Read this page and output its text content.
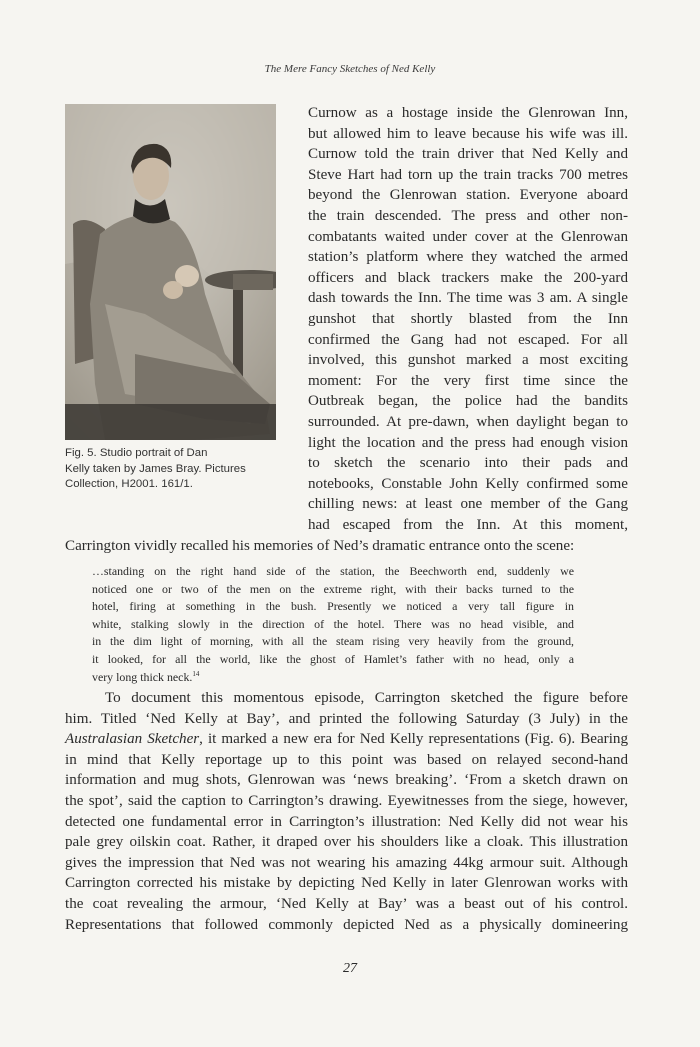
The Mere Fancy Sketches of Ned Kelly
Fig. 5. Studio portrait of Dan
Kelly taken by James Bray. Pictures
Collection, H2001. 161/1.
Curnow as a hostage inside the Glenrowan Inn,
but allowed him to leave because his wife was ill.
Curnow told the train driver that Ned Kelly and
Steve Hart had torn up the train tracks 700 metres
beyond the Glenrowan station. Everyone aboard
the train descended. The press and other non-
combatants waited under cover at the Glenrowan
station’s platform where they watched the armed
officers and black trackers make the 200-yard
dash towards the Inn. The time was 3 am. A single
gunshot that shortly blasted from the Inn
confirmed the Gang had not escaped. For all
involved, this gunshot marked a most exciting
moment: For the very first time since the
Outbreak began, the police had the bandits
surrounded. At pre-dawn, when daylight began to
light the location and the press had enough vision
to sketch the scenario into their pads and
notebooks, Constable John Kelly confirmed some
chilling news: at least one member of the Gang
had escaped from the Inn. At this moment,
Carrington vividly recalled his memories of Ned’s dramatic entrance onto the scene:
…standing on the right hand side of the station, the Beechworth end, suddenly we
noticed one or two of the men on the extreme right, with their backs turned to the
hotel, firing at something in the bush. Presently we noticed a very tall figure in
white, stalking slowly in the direction of the hotel. There was no head visible, and
in the dim light of morning, with all the steam rising very heavily from the ground,
it looked, for all the world, like the ghost of Hamlet’s father with no head, only a
very long thick neck.$^{14}$
To document this momentous episode, Carrington sketched the figure before
him. Titled ‘Ned Kelly at Bay’, and printed the following Saturday (3 July) in the
Australasian Sketcher, it marked a new era for Ned Kelly representations (Fig. 6). Bearing
in mind that Kelly reportage up to this point was based on relayed second-hand
information and mug shots, Glenrowan was ‘news breaking’. ‘From a sketch drawn on
the spot’, said the caption to Carrington’s drawing. Eyewitnesses from the siege, however,
detected one fundamental error in Carrington’s illustration: Ned Kelly did not wear his
pale grey oilskin coat. Rather, it draped over his shoulders like a cloak. This illustration
gives the impression that Ned was not wearing his amazing 44kg armour suit. Although
Carrington corrected his mistake by depicting Ned Kelly in later Glenrowan works with
the coat revealing the armour, ‘Ned Kelly at Bay’ was a beast out of his control.
Representations that followed commonly depicted Ned as a physically domineering
27
